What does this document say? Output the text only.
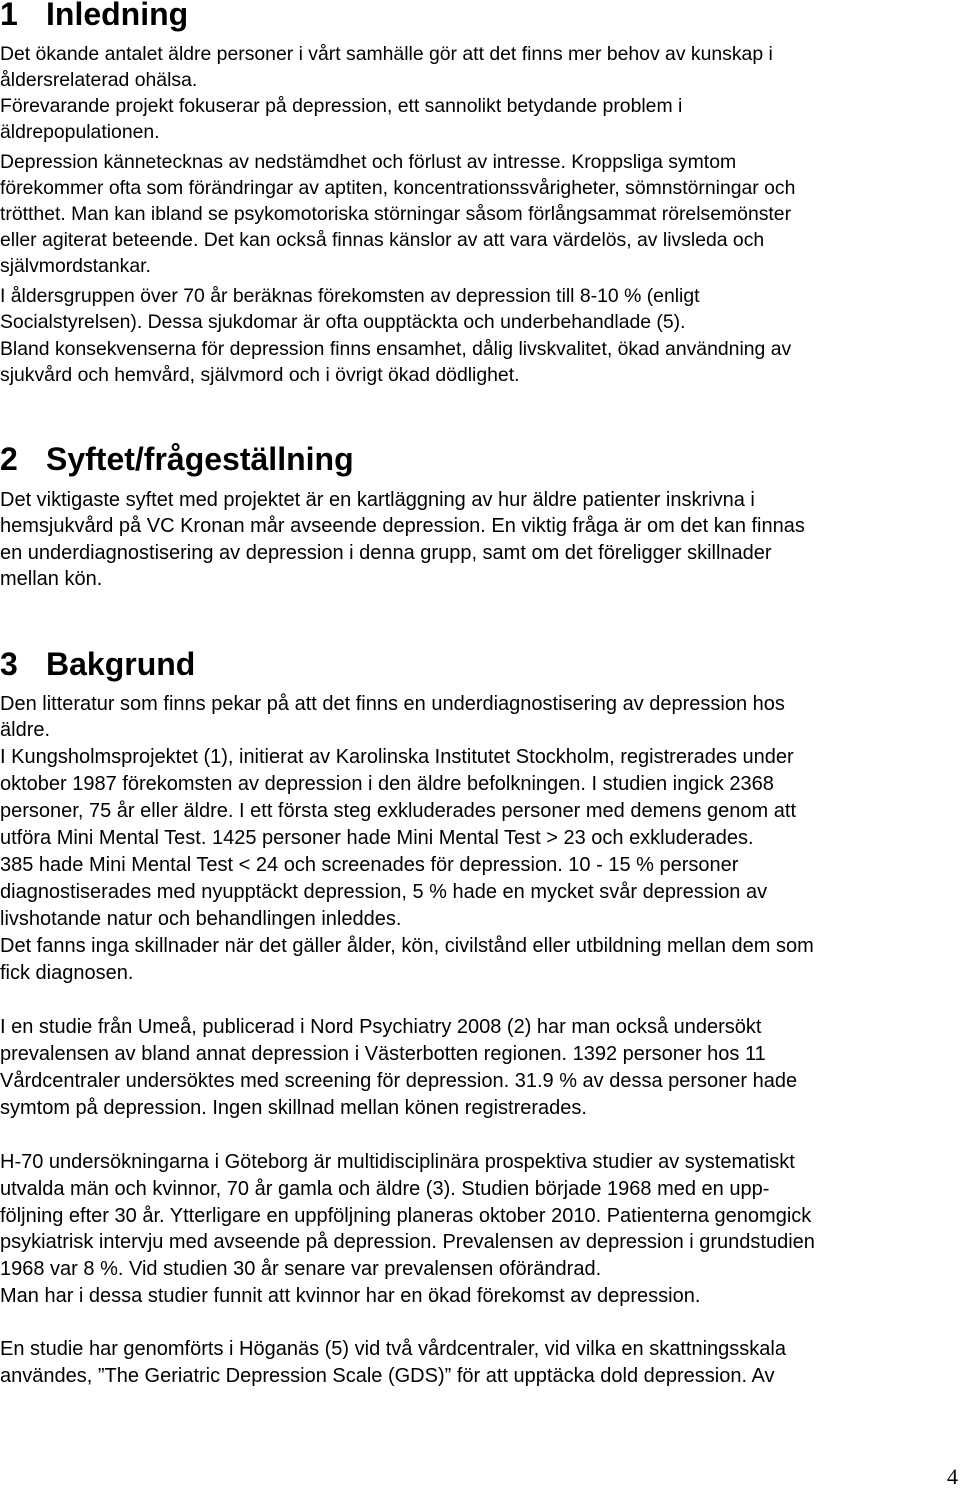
1 Inledning

Det ökande antalet äldre personer i vårt samhälle gör att det finns mer behov av kunskap i

åldersrelaterad ohälsa.

Förevarande projekt fokuserar på depression, ett sannolikt betydande problem i

äldrepopulationen.

Depression kännetecknas av nedstämdhet och förlust av intresse. Kroppsliga symtom

förekommer ofta som förändringar av aptiten, koncentrationssvårigheter, sömnstörningar och

trötthet. Man kan ibland se psykomotoriska störningar såsom förlångsammat rörelsemönster

eller agiterat beteende. Det kan också finnas känslor av att vara värdelös, av livsleda och

självmordstankar.

I åldersgruppen över 70 år beräknas förekomsten av depression till 8-10 % (enligt

Socialstyrelsen). Dessa sjukdomar är ofta oupptäckta och underbehandlade (5).

Bland konsekvenserna för depression finns ensamhet, dålig livskvalitet, ökad användning av

sjukvård och hemvård, självmord och i övrigt ökad dödlighet.

2 Syftet/frågeställning

Det viktigaste syftet med projektet är en kartläggning av hur äldre patienter inskrivna i

hemsjukvård på VC Kronan mår avseende depression. En viktig fråga är om det kan finnas

en underdiagnostisering av depression i denna grupp, samt om det föreligger skillnader

mellan kön.

3 Bakgrund

Den litteratur som finns pekar på att det finns en underdiagnostisering av depression hos

äldre.

I Kungsholmsprojektet (1), initierat av Karolinska Institutet Stockholm, registrerades under

oktober 1987 förekomsten av depression i den äldre befolkningen. I studien ingick 2368

personer, 75 år eller äldre. I ett första steg exkluderades personer med demens genom att

utföra Mini Mental Test. 1425 personer hade Mini Mental Test > 23 och exkluderades.

385 hade Mini Mental Test < 24 och screenades för depression. 10 - 15 % personer

diagnostiserades med nyupptäckt depression, 5 % hade en mycket svår depression av

livshotande natur och behandlingen inleddes.

Det fanns inga skillnader när det gäller ålder, kön, civilstånd eller utbildning mellan dem som

fick diagnosen.

I en studie från Umeå, publicerad i Nord Psychiatry 2008 (2) har man också undersökt

prevalensen av bland annat depression i Västerbotten regionen. 1392 personer hos 11

Vårdcentraler undersöktes med screening för depression. 31.9 % av dessa personer hade

symtom på depression. Ingen skillnad mellan könen registrerades.

H-70 undersökningarna i Göteborg är multidisciplinära prospektiva studier av systematiskt

utvalda män och kvinnor, 70 år gamla och äldre (3). Studien började 1968 med en upp-

följning efter 30 år. Ytterligare en uppföljning planeras oktober 2010. Patienterna genomgick

psykiatrisk intervju med avseende på depression. Prevalensen av depression i grundstudien

1968 var 8 %. Vid studien 30 år senare var prevalensen oförändrad.

Man har i dessa studier funnit att kvinnor har en ökad förekomst av depression.

En studie har genomförts i Höganäs (5) vid två vårdcentraler, vid vilka en skattningsskala

användes, ”The Geriatric Depression Scale (GDS)” för att upptäcka dold depression. Av

4
